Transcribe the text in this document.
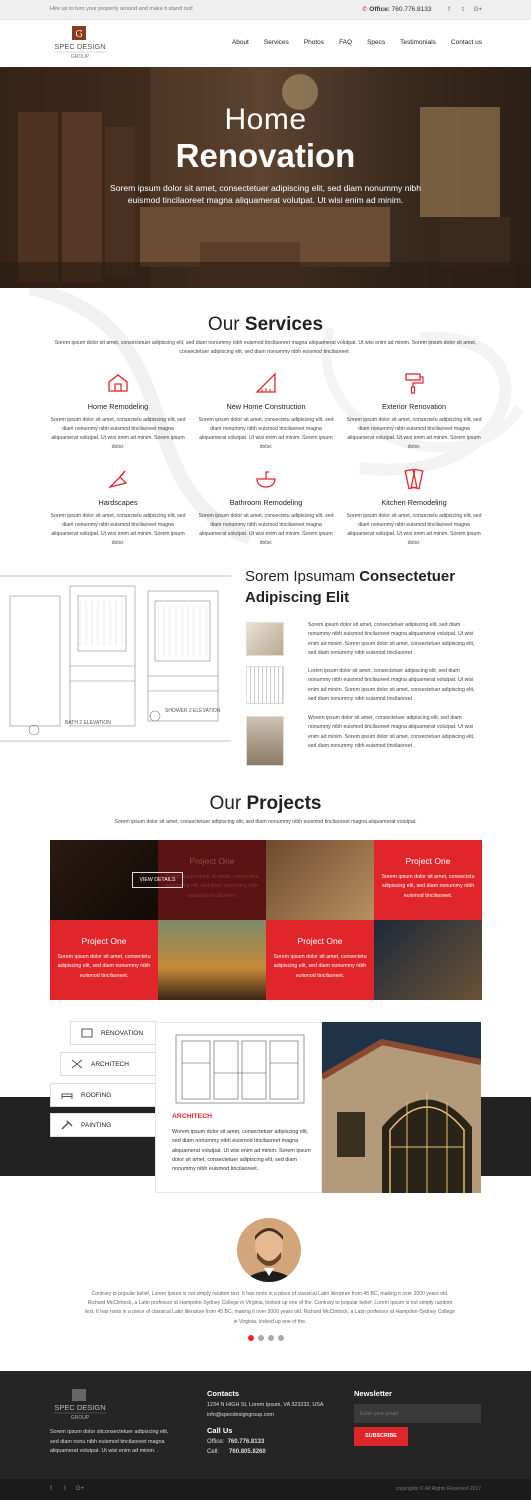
Hire us to turn your property around and make it stand out!	✆ Office: 760.776.8133	f	t	G+
G
SPEC DESIGN
GROUP
About Services Photos FAQ Specs Testimonials Contact us
Home
Renovation

Sorem ipsum dolor sit amet, consectetuer adipiscing elit, sed diam nonummy nibh euismod tincilaoreet magna aliquamerat volutpat. Ut wisi enim ad minim.

Our Services

Sorem ipsum dolor sit amet, consectetuer adipiscing elit, sed diam nonummy nibh euismod tincilaoreet magna aliquamerat volutpat. Ut wisi enim ad minim. Sorem ipsum dolor sit amet, consectetuer adipiscing elit, sed diam nonummy nibh euismod tincilaoreet .

Home Remodeling
Sorem ipsum dolor sit amet, consectetu adipiscing elit, sed diam nonummy nibh euismod tincilaoreet magna aliquamerat volutpat. Ut wisi enim ad minim. Sorem ipsum dolor.
New Home Construction
Sorem ipsum dolor sit amet, consectetu adipiscing elit, sed diam nonummy nibh euismod tincilaoreet magna aliquamerat volutpat. Ut wisi enim ad minim. Sorem ipsum dolor.
Exterior Renovation
Sorem ipsum dolor sit amet, consectetu adipiscing elit, sed diam nonummy nibh euismod tincilaoreet magna aliquamerat volutpat. Ut wisi enim ad minim. Sorem ipsum dolor.
Hardscapes
Sorem ipsum dolor sit amet, consectetu adipiscing elit, sed diam nonummy nibh euismod tincilaoreet magna aliquamerat volutpat. Ut wisi enim ad minim. Sorem ipsum dolor.
Bathroom Remodeling
Sorem ipsum dolor sit amet, consectetu adipiscing elit, sed diam nonummy nibh euismod tincilaoreet magna aliquamerat volutpat. Ut wisi enim ad minim. Sorem ipsum dolor.
Kitchen Remodeling
Sorem ipsum dolor sit amet, consectetu adipiscing elit, sed diam nonummy nibh euismod tincilaoreet magna aliquamerat volutpat. Ut wisi enim ad minim. Sorem ipsum dolor.
BATH 2 ELEVATION
SHOWER 2 ELEVATION
Sorem Ipsumam Consectetuer
Adipiscing Elit

Sorem ipsum dolor sit amet, consectetuer adipiscing elit, sed diam nonummy nibh euismod tincilaoreet magna aliquamerat volutpat. Ut wisi enim ad minim. Sorem ipsum dolor sit amet, consectetuer adipiscing elit, sed diam nonummy nibh euismod tincilaoreet .

Lorem ipsum dolor sit amet, consectetuer adipiscing elit, sed diam nonummy nibh euismod tincilaoreet magna aliquamerat volutpat. Ut wisi enim ad minim. Sorem ipsum dolor sit amet, consectetuer adipiscing elit, sed diam nonummy nibh euismod tincilaoreet .

Worem ipsum dolor sit amet, consectetuer adipiscing elit, sed diam nonummy nibh euismod tincilaoreet magna aliquamerat volutpat. Ut wisi enim ad minim. Sorem ipsum dolor sit amet, consectetuer adipiscing elit, sed diam nonummy nibh euismod tincilaoreet .

Our Projects

Sorem ipsum dolor sit amet, consectetuer adipiscing elit, sed diam nonummy nibh euismod tincilaoreet magna aliquamerat volutpat.

Project One
Sorem ipsum dolor sit amet, consectetu adipiscing elit, sed diam nonummy nibh euismod tincilaoreet.
Project One
Sorem ipsum dolor sit amet, consectetu adipiscing elit, sed diam nonummy nibh euismod tincilaoreet.
Project One
Sorem ipsum dolor sit amet, consectetu adipiscing elit, sed diam nonummy nibh euismod tincilaoreet.
Project One
Sorem ipsum dolor sit amet, consectetu adipiscing elit, sed diam nonummy nibh euismod tincilaoreet.
VIEW DETAILS
RENOVATION
ARCHITECH
ROOFING
PAINTING
ARCHITECH
Worem ipsum dolor sit amet, consectetuer adipiscing elit, sed diam nonummy nibh euismod tincilaoreet magna aliquamerat volutpat. Ut wisi enim ad minim. Sorem ipsum dolor sit amet, consectetuer adipiscing elit, sed diam nonummy nibh euismod tincilaoreet .

Contrary to popular belief, Lorem Ipsum is not simply random text. It has roots in a piece of classical Latin literature from 45 BC, making it over 2000 years old. Richard McClintock, a Latin professor at Hampden-Sydney College in Virginia, looked up one of the. Contrary to popular belief, Lorem Ipsum is not simply random text. It has roots in a piece of classical Latin literature from 45 BC, making it over 2000 years old. Richard McClintock, a Latin professor at Hampden-Sydney College in Virginia, looked up one of the.

SPEC DESIGN
GROUP

Sorem ipsum dolor sitconsectetuer adipiscing elit, sed diam nonu nibh euismod tincilaoreet magna aliquamerat volutpat. Ut wisi enim ad minim. .

Contacts

1234 N HIGH St, Lorem Ipsum, VA 323232, USA

info@specdesigngroup.com

Call Us

Office: 760.776.8133

Cell: 760.805.8260

Newsletter
Enter your email
SUBSCRIBE
f	t	G+	copyrights © All Rights Reserved 2017
